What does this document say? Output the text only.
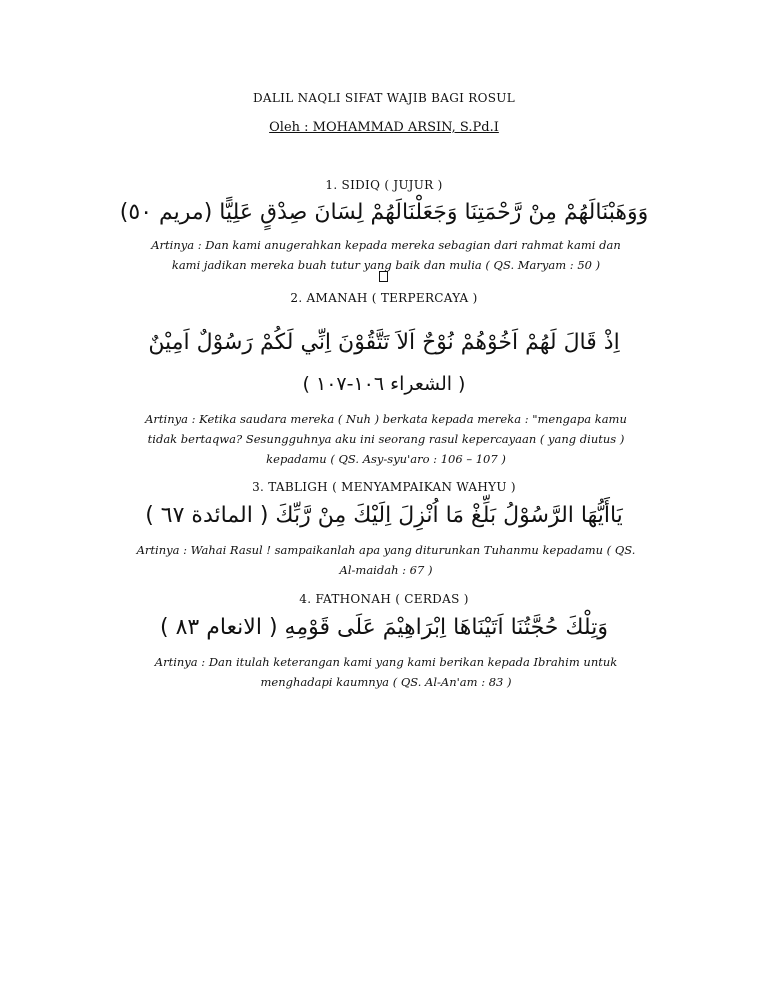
DALIL NAQLI SIFAT WAJIB BAGI ROSUL
Oleh : MOHAMMAD ARSIN, S.Pd.I
1. SIDIQ ( JUJUR )
وَوَهَبْنَالَهُمْ مِنْ رَّحْمَتِنَا وَجَعَلْنَالَهُمْ لِسَانَ صِدْقٍ عَلِيًّا (مريم ٥٠)
Artinya : Dan kami anugerahkan kepada mereka sebagian dari rahmat kami dan kami jadikan mereka buah tutur yang baik dan mulia ( QS. Maryam : 50 )
2. AMANAH ( TERPERCAYA )
اِذْ قَالَ لَهُمْ اَخُوْهُمْ نُوْحٌ اَلاَ تَتَّقُوْنَ اِنِّي لَكُمْ رَسُوْلٌ اَمِيْنٌ
( الشعراء ١٠٦-١٠٧ )
Artinya : Ketika saudara mereka ( Nuh ) berkata kepada mereka : "mengapa kamu tidak bertaqwa? Sesungguhnya aku ini seorang rasul kepercayaan ( yang diutus ) kepadamu ( QS. Asy-syu'aro : 106 – 107 )
3. TABLIGH ( MENYAMPAIKAN WAHYU )
يَاأَيُّهَا الرَّسُوْلُ بَلِّغْ مَا اُنْزِلَ اِلَيْكَ مِنْ رَّبِّكَ ( المائدة ٦٧ )
Artinya : Wahai Rasul ! sampaikanlah apa yang diturunkan Tuhanmu kepadamu ( QS. Al-maidah : 67 )
4. FATHONAH ( CERDAS )
وَتِلْكَ حُجَّتُنَا اَتَيْنَاهَا اِبْرَاهِيْمَ عَلَى قَوْمِهِ ( الانعام ٨٣ )
Artinya : Dan itulah keterangan kami yang kami berikan kepada Ibrahim untuk menghadapi kaumnya ( QS. Al-An'am : 83 )
